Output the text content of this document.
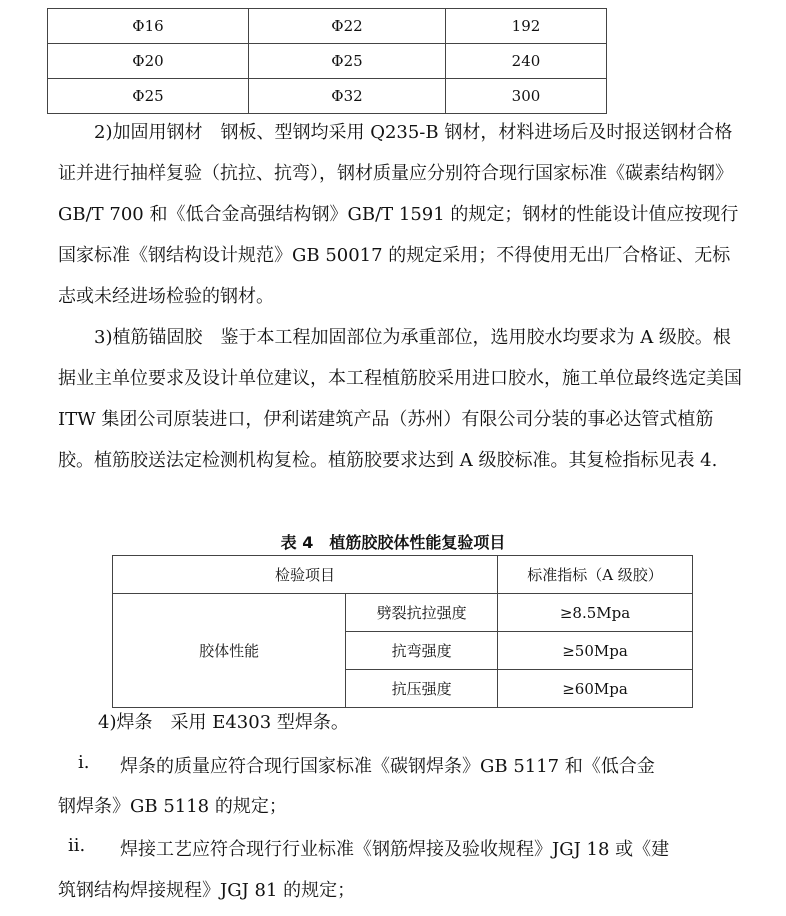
Φ16	Φ22	192
Φ20	Φ25	240
Φ25	Φ32	300

2)加固用钢材　钢板、型钢均采用 Q235-B 钢材，材料进场后及时报送钢材合格证并进行抽样复验（抗拉、抗弯），钢材质量应分别符合现行国家标准《碳素结构钢》GB/T 700 和《低合金高强结构钢》GB/T 1591 的规定；钢材的性能设计值应按现行国家标准《钢结构设计规范》GB 50017 的规定采用；不得使用无出厂合格证、无标志或未经进场检验的钢材。

3)植筋锚固胶　鉴于本工程加固部位为承重部位，选用胶水均要求为 A 级胶。根据业主单位要求及设计单位建议，本工程植筋胶采用进口胶水，施工单位最终选定美国 ITW 集团公司原装进口，伊利诺建筑产品（苏州）有限公司分装的事必达管式植筋胶。植筋胶送法定检测机构复检。植筋胶要求达到 A 级胶标准。其复检指标见表 4.

表 4　植筋胶胶体性能复验项目
检验项目		标准指标（A 级胶）
胶体性能	劈裂抗拉强度	≥8.5Mpa
	抗弯强度	≥50Mpa
	抗压强度	≥60Mpa
4)焊条　采用 E4303 型焊条。
i. 焊条的质量应符合现行国家标准《碳钢焊条》GB 5117 和《低合金
钢焊条》GB 5118 的规定；
ii. 焊接工艺应符合现行行业标准《钢筋焊接及验收规程》JGJ 18 或《建
筑钢结构焊接规程》JGJ 81 的规定；
